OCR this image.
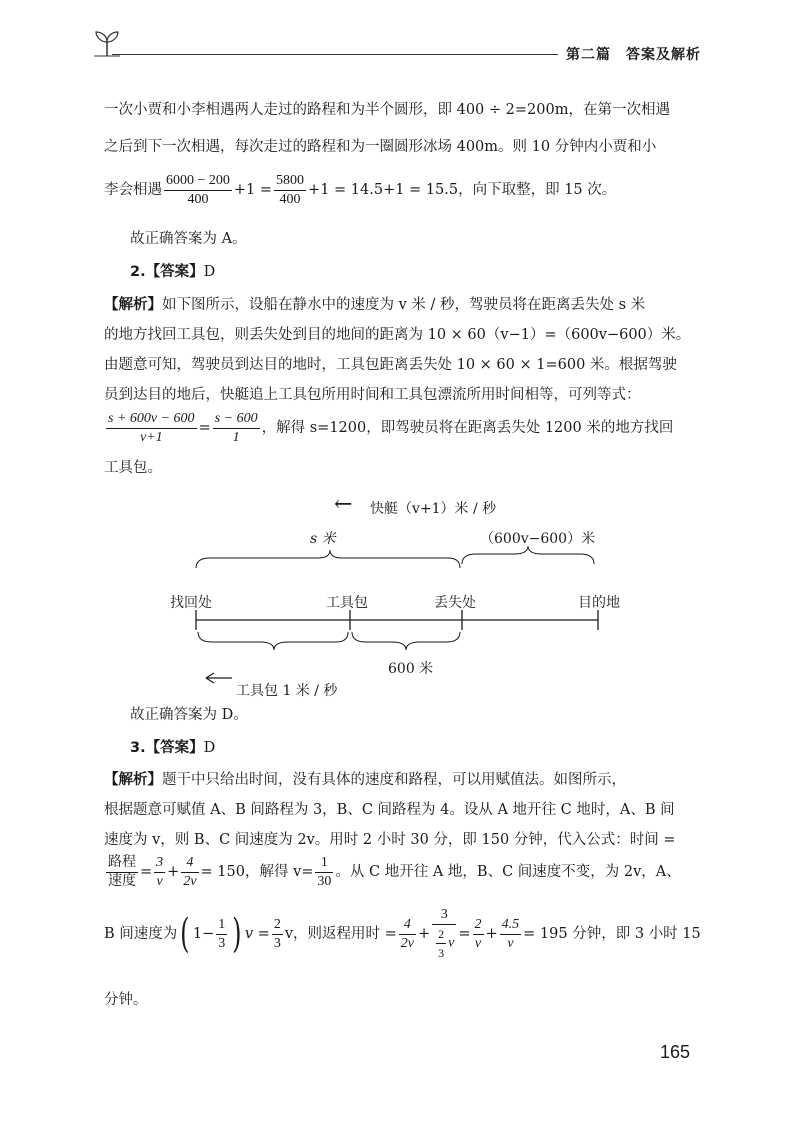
第二篇　答案及解析
一次小贾和小李相遇两人走过的路程和为半个圆形，即 400 ÷ 2=200m，在第一次相遇
之后到下一次相遇，每次走过的路程和为一圈圆形冰场 400m。则 10 分钟内小贾和小
李会相遇 $\frac{6000 - 200}{400} +1 = \frac{5800}{400} +1 = 14.5+1 = 15.5$，向下取整，即 15 次。
故正确答案为 A。
2.【答案】D
【解析】如下图所示，设船在静水中的速度为 v 米 / 秒，驾驶员将在距离丢失处 s 米
的地方找回工具包，则丢失处到目的地间的距离为 10 × 60（v−1）=（600v−600）米。
由题意可知，驾驶员到达目的地时，工具包距离丢失处 10 × 60 × 1=600 米。根据驾驶
员到达目的地后，快艇追上工具包所用时间和工具包漂流所用时间相等，可列等式：
$\frac{s + 600v - 600}{v+1} = \frac{s - 600}{1}$ ，解得 s=1200，即驾驶员将在距离丢失处 1200 米的地方找回
工具包。
← 快艇（v+1）米 / 秒
s 米	（600v−600）米
找回处	工具包	丢失处	目的地
600 米
工具包 1 米 / 秒
故正确答案为 D。
3.【答案】D
【解析】题干中只给出时间，没有具体的速度和路程，可以用赋值法。如图所示，
根据题意可赋值 A、B 间路程为 3，B、C 间路程为 4。设从 A 地开往 C 地时，A、B 间
速度为 v，则 B、C 间速度为 2v。用时 2 小时 30 分，即 150 分钟，代入公式：时间 =
$\frac{\text{路程}}{\text{速度}} = \frac{3}{v} + \frac{4}{2v} = 150$，解得 $v= \frac{1}{30}$ 。从 C 地开往 A 地，B、C 间速度不变，为 2v，A、
B 间速度为( $1- \frac{1}{3}$ ) $v = \frac{2}{3}$ v，则返程用时 = $\frac{4}{2v} + \frac{3}{\frac{2}{3} v} = \frac{2}{v} + \frac{4.5}{v} = 195$ 分钟，即 3 小时 15
分钟。
165
